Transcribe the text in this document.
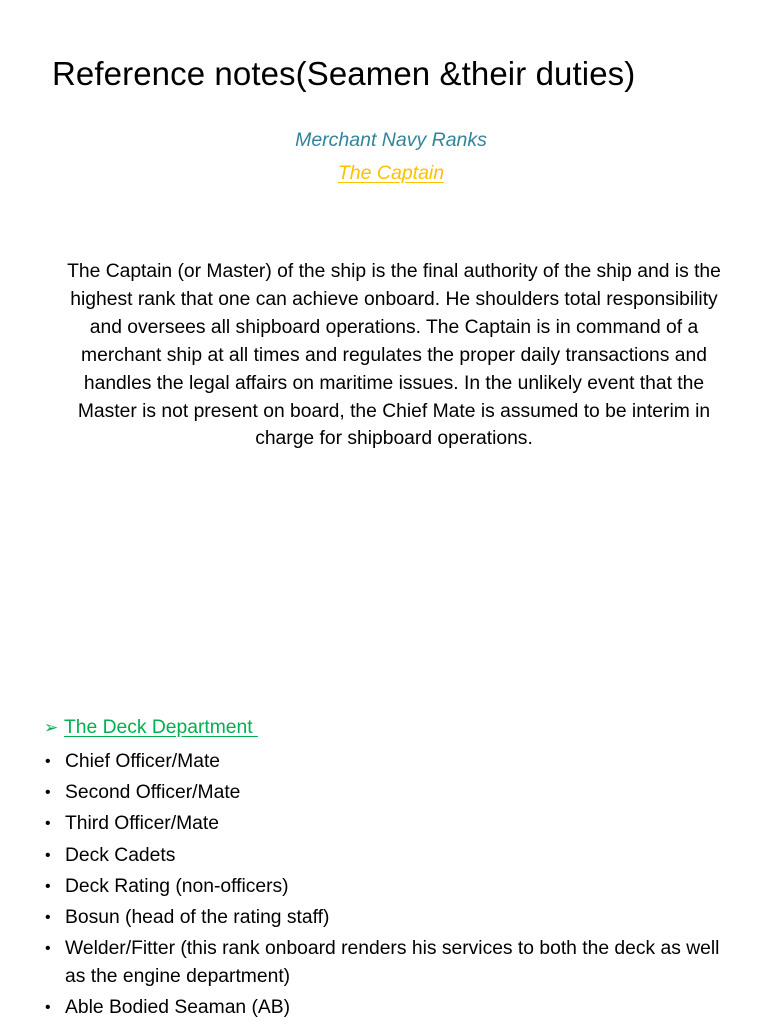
Reference notes(Seamen &their duties)
Merchant Navy Ranks
The Captain
The Captain (or Master) of the ship is the final authority of the ship and is the highest rank that one can achieve onboard. He shoulders total responsibility and oversees all shipboard operations. The Captain is in command of a merchant ship at all times and regulates the proper daily transactions and handles the legal affairs on maritime issues. In the unlikely event that the Master is not present on board, the Chief Mate is assumed to be interim in charge for shipboard operations.
➢ The Deck Department
• Chief Officer/Mate
• Second Officer/Mate
• Third Officer/Mate
• Deck Cadets
• Deck Rating (non-officers)
• Bosun (head of the rating staff)
• Welder/Fitter (this rank onboard renders his services to both the deck as well as the engine department)
• Able Bodied Seaman (AB)
